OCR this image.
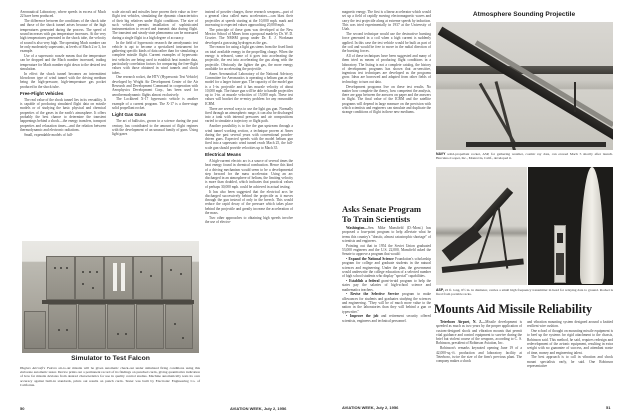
Aeronautical Laboratory, where speeds in excess of Mach 22 have been produced.

The difference between the conditions of the shock tube and those of the shock tunnel arises because of the high temperatures generated during the process. The speed of sound increases with gas temperature increases. At the very high temperatures generated in the shock tube, the velocity of sound is also very high. The operating Mach number can be only moderately supersonic, at levels of Mach 2 or 3, for example.

Use of a supersonic nozzle means that the temperature can be dropped and the Mach number increased, trading temperature for Mach number right down to the desired test simulation.

In effect the shock tunnel becomes an intermittent blowdown type of wind tunnel with the driving medium being the high-pressure, high-temperature gas pocket produced in the shock tube.

Free-Flight Vehicles

The real value of the shock tunnel lies in its versatility. It is capable of producing simulated flight data on missile models or of studying the basic physical and chemical properties of the gases in the earth's atmosphere. It offers probably the best chance to determine the transient happenings behind a shock—the energy transfers, transport properties and relaxation times—and the relation between thermodynamic and electronic radiations.

Small, expendable models of full-

scale aircraft and missiles have proven their value as free-flight test vehicles, simulating the dynamic characteristics of their big relatives under flight conditions. The size of such vehicles permits installation of sophisticated instrumentation to record and transmit data during flight. The transient and steady-state phenomena can be measured during a single flight to a high degree of accuracy.

In the field of hypersonic research the aerodynamic test vehicle is apt to become a specialized instrument for gathering specific kinds of data rather than for simulating a complete missile flight. Current examples of hypersonic test vehicles are being used to establish heat transfer data, particularly correlation factors for comparing the free-flight values with those obtained in wind tunnels and shock tubes.

One research rocket, the HTV (Hypersonic Test Vehicle) developed by Wright Air Development Center of the Air Research and Development Command in cooperation with Aerophysics Development Corp., has been used for aerothermodynamic flights almost exclusively.

The Lockheed X-17 hypersonic vehicle is another example of a current program. The X-17 is a three-stage solid propellant rocket.

Light Gas Guns

The art of ballistics, grown to a science during the past century, has contributed to the amount of flight regimes with the development of an unusual family of guns. Using light gases

instead of powder charges, these research weapons—part of a general class called mass accelerators—can blast their projectiles at speeds starting at the 10,000 mph. mark and increasing to expected values approaching 20,000 mph.

The principle of these guns was developed at the New Mexico School of Mines from a proposal made by Dr. W. D. Crozier. The NMSM group under Dr. E. J. Workman developed a gun using hydrogen as the gas.

The reason for using a light gas stems from the fixed limit on total available energy in the propelling charge. When the energy is released, some of it goes into accelerating the projectile, the rest into accelerating the gas along with the projectile. Obviously the lighter the gas, the more energy available for accelerating the projectile.

Ames Aeronautical Laboratory of the National Advisory Committee for Aeronautics is operating a helium gun as the model for a larger future gun. The capacity of the model gun is a 1-in. projectile and it has muzzle velocity of about 10,000 mph. The future gun will be able to handle projectiles up to 1-in. at muzzle velocities of 15,000 mph. These test values will bracket the re-entry problem for any reasonable ICBM.

There are several ways to use the light gas gun. Normally fired through an atmospheric range, it can also be discharged into a tank with internal pressures and air compositions varied to simulate a trajectory or flight path.

Another possibility is to fire the gun upstream through a wind tunnel working section, a technique proven at Ames during the past several years with conventional powder-driven guns. Expected speeds with the model helium gun fired into a supersonic wind tunnel reach Mach 25, the full-scale gun should provide velocities up to Mach 35.

Electrical Means

A high-current electric arc is a source of several times the heat energy found in chemical combustion. Hence this kind of a driving mechanism would seem to be a developmental step forward for the mass accelerator. Using an arc discharged in an atmosphere of helium, the limiting velocity is more than doubled, which indicates that practical values of perhaps 30,000 mph. could be achieved in actual testing.

It has also been suggested that the electrical arcs be discharged successively behind the projectile as it moves through the gun instead of only in the breech. This would reduce the rapid decay of the pressure which takes place behind the projectile and greatly increase the acceleration of the mass.

Two other approaches to obtaining high speeds involve the use of electro-

Simulator to Test Falcon
Hughes Aircraft's Falcon air-to-air missile will be given automatic check-out under simulated firing conditions using this elaborate automatic tester. Device prints out a permanent record of its findings on punched cards, giving quantitative indication of how far missile deviates from desired characteristics for use in quality control studies. Machine automatically tests its own accuracy against built-in standards, prints out results on punch cards. Tester was built by Electronic Engineering Co. of California.
50	AVIATION WEEK, July 2, 1956

magnetic energy. The first is a linear accelerator which would set up a field of rapidly moving electromagnetic waves and carry the test projectile along at extreme speeds by induction. This was tried experimentally in 1937 at the University of Utah.

The second technique would use the destructive bursting force generated in a coil when a high current is suddenly applied. In this case the test vehicle would be built as part of the coil and would be free to move in the radial direction of the bursting forces.

All of these techniques have been suggested and many of them tried as means of producing flight conditions in a laboratory. The listing is not a complete catalog, the history of development programs has shown that as-sensitive, ingenious test techniques are developed as the programs grow. Ideas are borrowed and adapted from other fields of technology to turn out data.

Development programs live on these test results. No matter how complete the theory, how competent the analysis, there are gaps between the answers on paper and the answers in flight. The final value of the ICBM and the satellite programs will depend in large measure on the precision with which scientists and engineers can simulate and duplicate the strange conditions of flight in these new mediums.

Asks Senate Program
To Train Scientists

Washington—Sen. Mike Mansfield (D.-Mont.) has proposed a four-point program to help alleviate what he terms this country's "drastic, almost catastrophic shortage" of scientists and engineers.

Pointing out that in 1954 the Soviet Union graduated 53,000 engineers and the U.S. 22,000, Mansfield asked the Senate to approve a program that would:

• Expand the National Science Foundation's scholarship program for college and graduate students in the natural sciences and engineering. Under the plan, the government would underwrite the college education of a selected number of high school students who display "special" capabilities.

• Establish a federal grant-in-aid program to help the states pay the salaries of high-school science and mathematics teachers.

• Revise the Selective Service program to make allowances for students and graduates studying the sciences and engineering. "They will be of much more value to the nation in the laboratories than they will behind a gun or typewriter."

• Improve the job and retirement security offered scientists, engineers and technical personnel.

Atmosphere Sounding Projectile
NAVY solid-propellant rocket, ASP, for gathering weather, cosmic ray data, can exceed Mach 5 shortly after launch. Hercules-Cooper, Inc., Monrovia, Calif., developed it.
ASP, 22 ft. long, 6½ in. in diameter, carries a small high frequency transmitter in head for relaying data to ground. Rocket is fired from portable racks.
Mounts Aid Missile Reliability

Teterboro Airport, N. J.—Missile development is speeded as much as two years by the proper application of custom-designed shock and vibration mounts that permit vital guidance and control equipment to survive during the brief but violent course of the weapons, according to C. S. Robinson, president of Robinson Aviation, Inc.

Robinson's remarks keynoted opening June 19 of a 42,000-sq.-ft. production and laboratory facility at Teterboro, twice the size of the firm's previous plant. The company makes a shock

and vibration mounting system designed around a knitted resilient wire cushion.

One school of thought on mounting missile equipment is to beef up the systems for rigid attachment to the chassis, Robinson said. This method, he said, requires redesign and redevelopment of the avionic equipment, resulting in extra weight with no guarantee of success, and attendant waste of time, money and engineering talent.

The best approach is to call in vibration and shock mount specialists early, he said. One Robinson representative

AVIATION WEEK, July 2, 1956	51
